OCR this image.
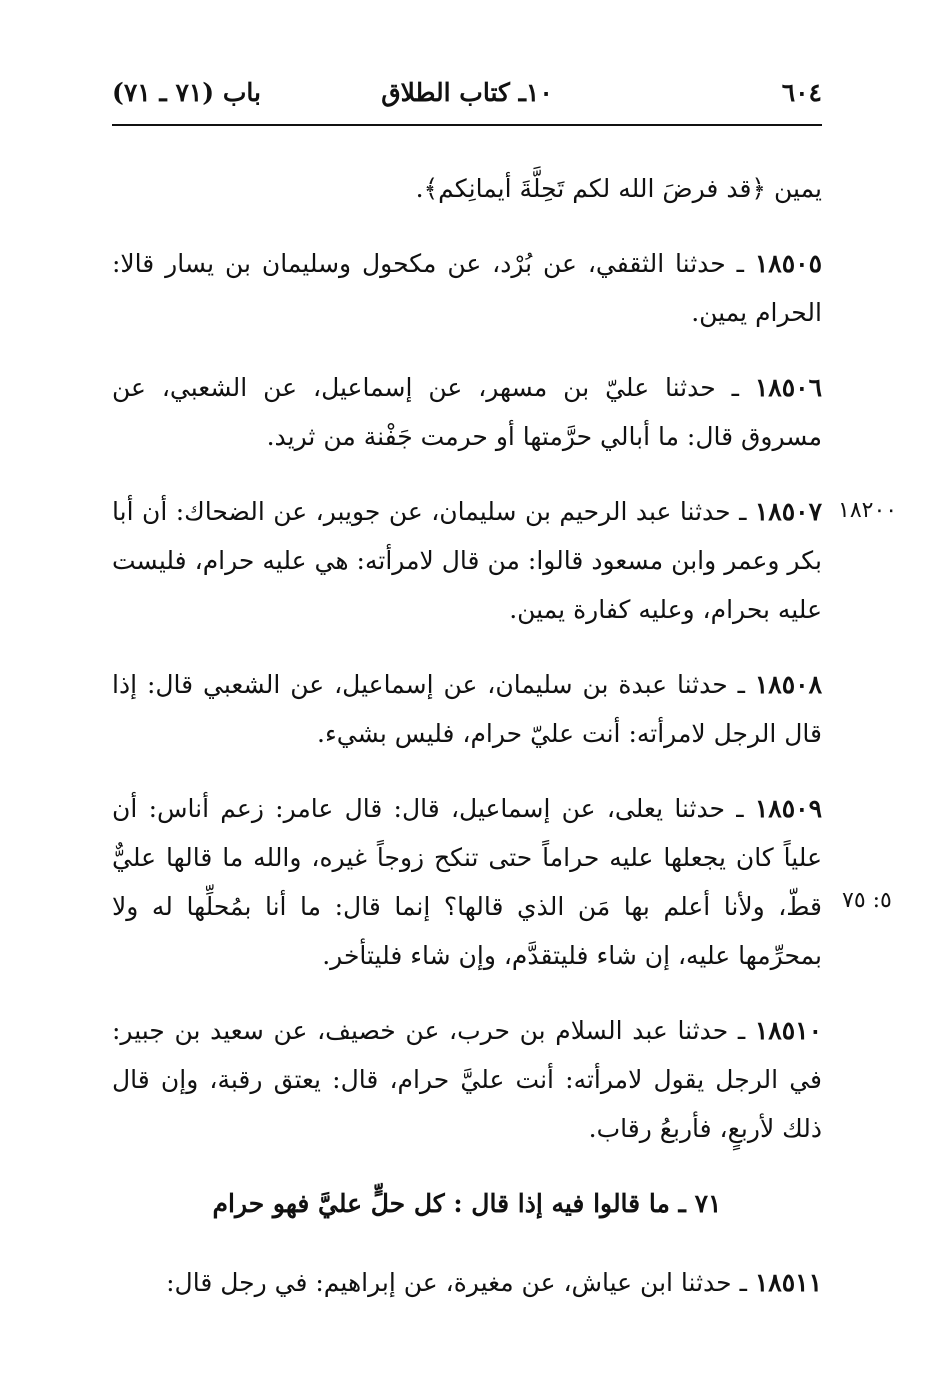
٦٠٤
١٠ـ كتاب الطلاق
باب (٧١ ـ ٧١)
١٨٢٠٠
٥: ٧٥

يمين ﴿قد فرضَ الله لكم تَحِلَّةَ أيمانِكم﴾.

١٨٥٠٥ ـ حدثنا الثقفي، عن بُرْد، عن مكحول وسليمان بن يسار قالا: الحرام يمين.

١٨٥٠٦ ـ حدثنا عليّ بن مسهر، عن إسماعيل، عن الشعبي، عن مسروق قال: ما أبالي حرَّمتها أو حرمت جَفْنة من ثريد.

١٨٥٠٧ ـ حدثنا عبد الرحيم بن سليمان، عن جويبر، عن الضحاك: أن أبا بكر وعمر وابن مسعود قالوا: من قال لامرأته: هي عليه حرام، فليست عليه بحرام، وعليه كفارة يمين.

١٨٥٠٨ ـ حدثنا عبدة بن سليمان، عن إسماعيل، عن الشعبي قال: إذا قال الرجل لامرأته: أنت عليّ حرام، فليس بشيء.

١٨٥٠٩ ـ حدثنا يعلى، عن إسماعيل، قال: قال عامر: زعم أناس: أن علياً كان يجعلها عليه حراماً حتى تنكح زوجاً غيره، والله ما قالها عليٌّ قطّ، ولأنا أعلم بها مَن الذي قالها؟ إنما قال: ما أنا بمُحلِّها له ولا بمحرِّمها عليه، إن شاء فليتقدَّم، وإن شاء فليتأخر.

١٨٥١٠ ـ حدثنا عبد السلام بن حرب، عن خصيف، عن سعيد بن جبير: في الرجل يقول لامرأته: أنت عليَّ حرام، قال: يعتق رقبة، وإن قال ذلك لأربعٍ، فأربعُ رقاب.

٧١ ـ ما قالوا فيه إذا قال : كل حلٍّ عليَّ فهو حرام

١٨٥١١ ـ حدثنا ابن عياش، عن مغيرة، عن إبراهيم: في رجل قال:
